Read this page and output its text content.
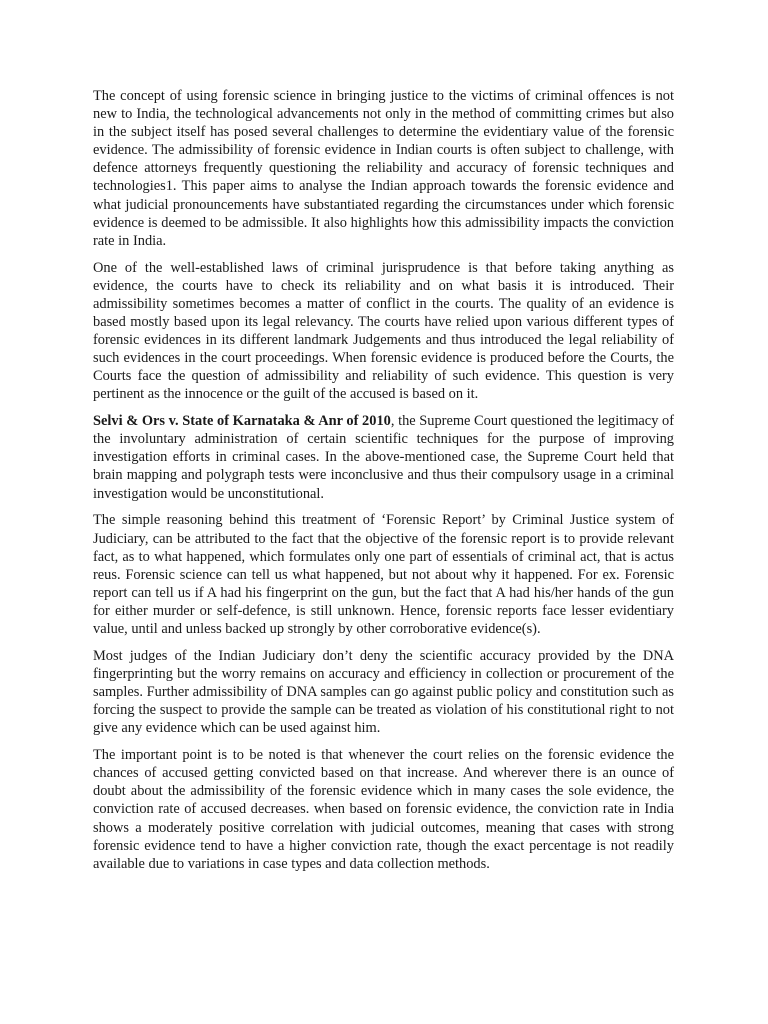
The concept of using forensic science in bringing justice to the victims of criminal offences is not new to India, the technological advancements not only in the method of committing crimes but also in the subject itself has posed several challenges to determine the evidentiary value of the forensic evidence. The admissibility of forensic evidence in Indian courts is often subject to challenge, with defence attorneys frequently questioning the reliability and accuracy of forensic techniques and technologies1. This paper aims to analyse the Indian approach towards the forensic evidence and what judicial pronouncements have substantiated regarding the circumstances under which forensic evidence is deemed to be admissible. It also highlights how this admissibility impacts the conviction rate in India.

One of the well-established laws of criminal jurisprudence is that before taking anything as evidence, the courts have to check its reliability and on what basis it is introduced. Their admissibility sometimes becomes a matter of conflict in the courts. The quality of an evidence is based mostly based upon its legal relevancy. The courts have relied upon various different types of forensic evidences in its different landmark Judgements and thus introduced the legal reliability of such evidences in the court proceedings. When forensic evidence is produced before the Courts, the Courts face the question of admissibility and reliability of such evidence. This question is very pertinent as the innocence or the guilt of the accused is based on it.

Selvi & Ors v. State of Karnataka & Anr of 2010, the Supreme Court questioned the legitimacy of the involuntary administration of certain scientific techniques for the purpose of improving investigation efforts in criminal cases. In the above-mentioned case, the Supreme Court held that brain mapping and polygraph tests were inconclusive and thus their compulsory usage in a criminal investigation would be unconstitutional.

The simple reasoning behind this treatment of ‘Forensic Report’ by Criminal Justice system of Judiciary, can be attributed to the fact that the objective of the forensic report is to provide relevant fact, as to what happened, which formulates only one part of essentials of criminal act, that is actus reus. Forensic science can tell us what happened, but not about why it happened. For ex. Forensic report can tell us if A had his fingerprint on the gun, but the fact that A had his/her hands of the gun for either murder or self-defence, is still unknown. Hence, forensic reports face lesser evidentiary value, until and unless backed up strongly by other corroborative evidence(s).

Most judges of the Indian Judiciary don’t deny the scientific accuracy provided by the DNA fingerprinting but the worry remains on accuracy and efficiency in collection or procurement of the samples. Further admissibility of DNA samples can go against public policy and constitution such as forcing the suspect to provide the sample can be treated as violation of his constitutional right to not give any evidence which can be used against him.

The important point is to be noted is that whenever the court relies on the forensic evidence the chances of accused getting convicted based on that increase. And wherever there is an ounce of doubt about the admissibility of the forensic evidence which in many cases the sole evidence, the conviction rate of accused decreases. when based on forensic evidence, the conviction rate in India shows a moderately positive correlation with judicial outcomes, meaning that cases with strong forensic evidence tend to have a higher conviction rate, though the exact percentage is not readily available due to variations in case types and data collection methods.
